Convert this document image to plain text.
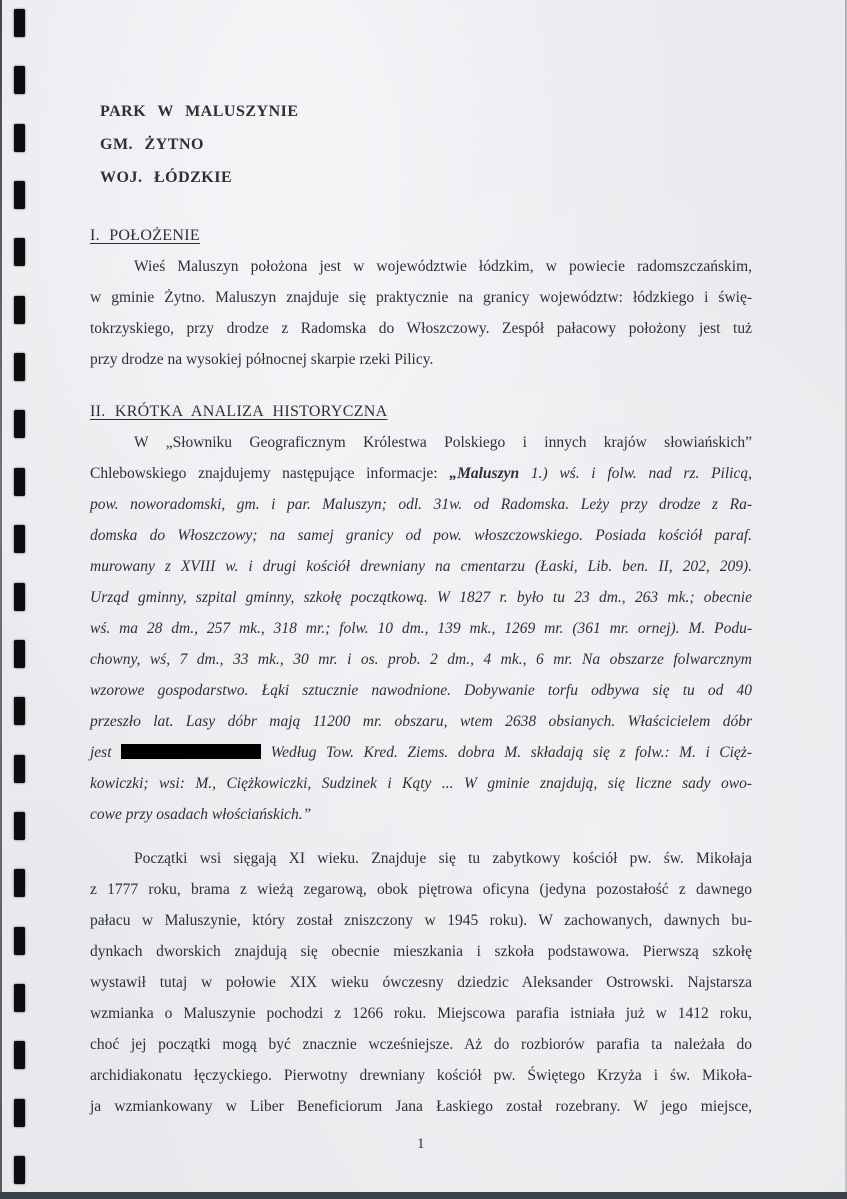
PARK W MALUSZYNIE
GM. ŻYTNO
WOJ. ŁÓDZKIE
I. POŁOŻENIE
Wieś Maluszyn położona jest w województwie łódzkim, w powiecie radomszczańskim,
w gminie Żytno. Maluszyn znajduje się praktycznie na granicy województw: łódzkiego i świę-
tokrzyskiego, przy drodze z Radomska do Włoszczowy. Zespół pałacowy położony jest tuż
przy drodze na wysokiej północnej skarpie rzeki Pilicy.
II. KRÓTKA ANALIZA HISTORYCZNA
W „Słowniku Geograficznym Królestwa Polskiego i innych krajów słowiańskich”
Chlebowskiego znajdujemy następujące informacje: „Maluszyn 1.) wś. i folw. nad rz. Pilicą,
pow. noworadomski, gm. i par. Maluszyn; odl. 31w. od Radomska. Leży przy drodze z Ra-
domska do Włoszczowy; na samej granicy od pow. włoszczowskiego. Posiada kościół paraf.
murowany z XVIII w. i drugi kościół drewniany na cmentarzu (Łaski, Lib. ben. II, 202, 209).
Urząd gminny, szpital gminny, szkołę początkową. W 1827 r. było tu 23 dm., 263 mk.; obecnie
wś. ma 28 dm., 257 mk., 318 mr.; folw. 10 dm., 139 mk., 1269 mr. (361 mr. ornej). M. Podu-
chowny, wś, 7 dm., 33 mk., 30 mr. i os. prob. 2 dm., 4 mk., 6 mr. Na obszarze folwarcznym
wzorowe gospodarstwo. Łąki sztucznie nawodnione. Dobywanie torfu odbywa się tu od 40
przeszło lat. Lasy dóbr mają 11200 mr. obszaru, wtem 2638 obsianych. Właścicielem dóbr
jest	Według Tow. Kred. Ziems. dobra M. składają się z folw.: M. i Cięż-
kowiczki; wsi: M., Ciężkowiczki, Sudzinek i Kąty ... W gminie znajdują, się liczne sady owo-
cowe przy osadach włościańskich.”
Początki wsi sięgają XI wieku. Znajduje się tu zabytkowy kościół pw. św. Mikołaja
z 1777 roku, brama z wieżą zegarową, obok piętrowa oficyna (jedyna pozostałość z dawnego
pałacu w Maluszynie, który został zniszczony w 1945 roku). W zachowanych, dawnych bu-
dynkach dworskich znajdują się obecnie mieszkania i szkoła podstawowa. Pierwszą szkołę
wystawił tutaj w połowie XIX wieku ówczesny dziedzic Aleksander Ostrowski. Najstarsza
wzmianka o Maluszynie pochodzi z 1266 roku. Miejscowa parafia istniała już w 1412 roku,
choć jej początki mogą być znacznie wcześniejsze. Aż do rozbiorów parafia ta należała do
archidiakonatu łęczyckiego. Pierwotny drewniany kościół pw. Świętego Krzyża i św. Mikoła-
ja wzmiankowany w Liber Beneficiorum Jana Łaskiego został rozebrany. W jego miejsce,
1
